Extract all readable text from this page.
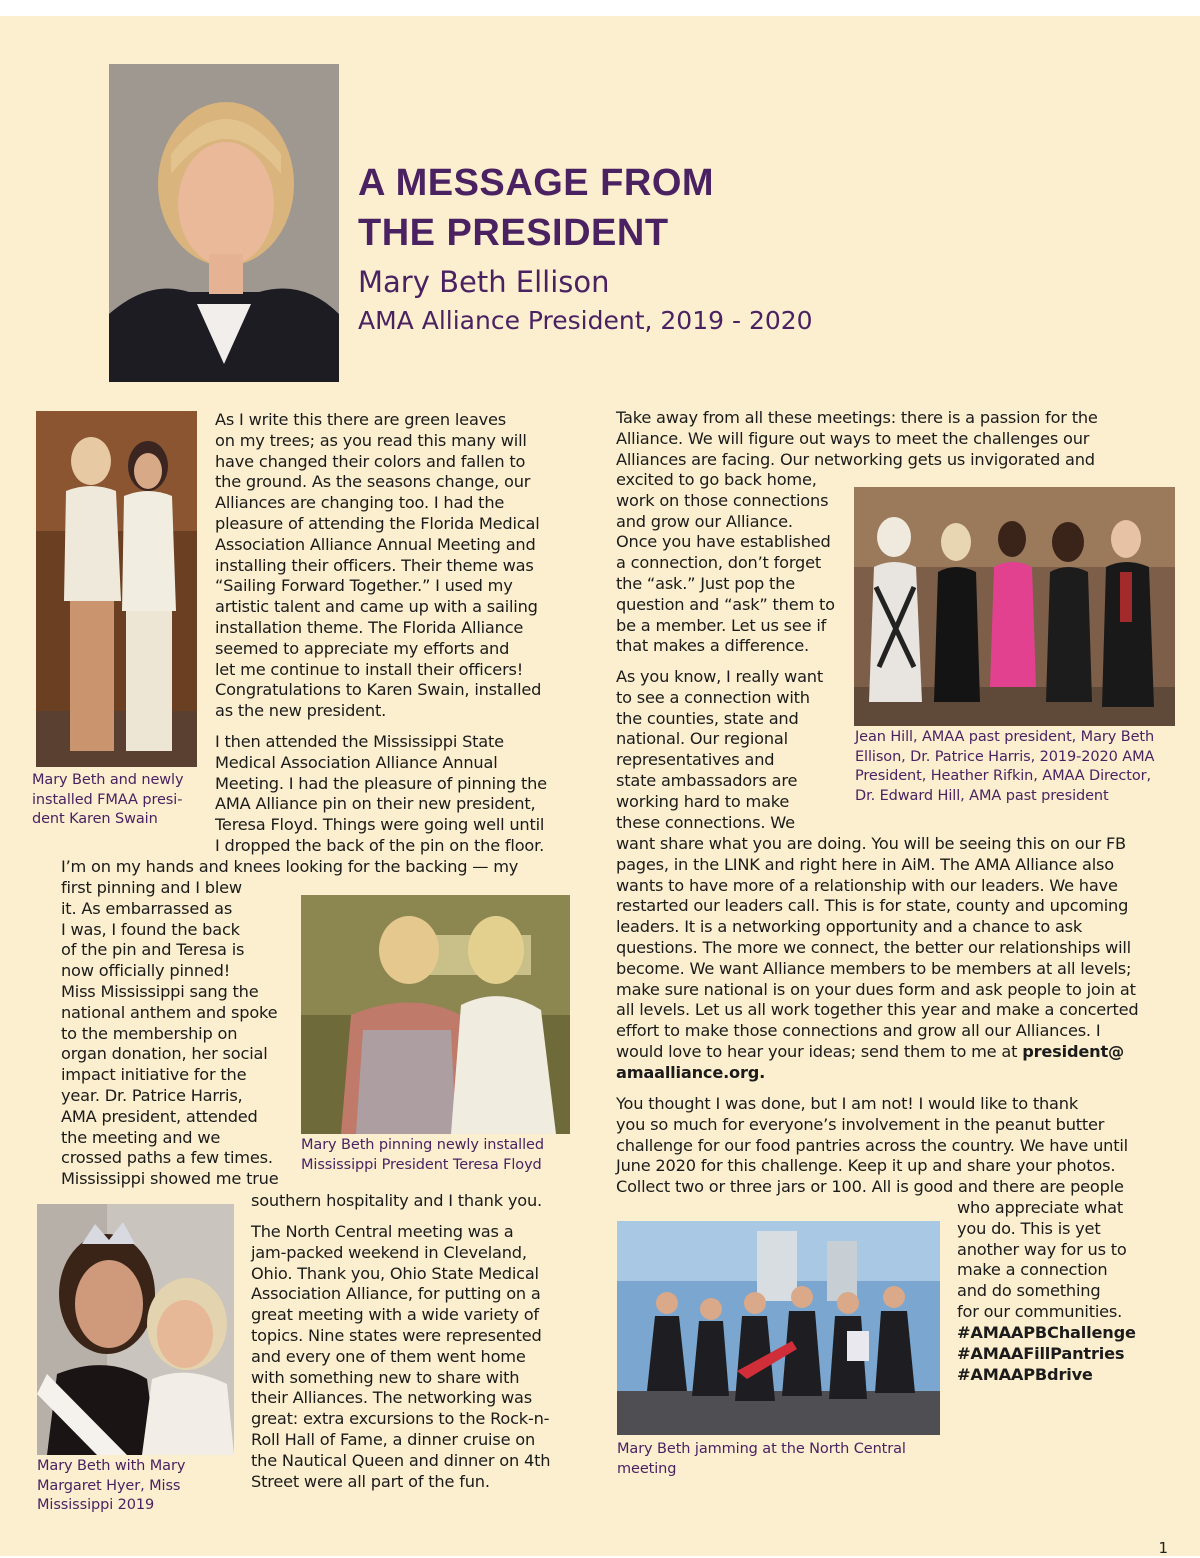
A MESSAGE FROM
THE PRESIDENT
Mary Beth Ellison
AMA Alliance President, 2019 - 2020

Mary Beth and newly
installed FMAA presi-
dent Karen Swain

Mary Beth pinning newly installed
Mississippi President Teresa Floyd

Mary Beth with Mary
Margaret Hyer, Miss
Mississippi 2019

Jean Hill, AMAA past president, Mary Beth
Ellison, Dr. Patrice Harris, 2019-2020 AMA
President, Heather Rifkin, AMAA Director,
Dr. Edward Hill, AMA past president

Mary Beth jamming at the North Central
meeting

As I write this there are green leaves
on my trees; as you read this many will
have changed their colors and fallen to
the ground. As the seasons change, our
Alliances are changing too. I had the
pleasure of attending the Florida Medical
Association Alliance Annual Meeting and
installing their officers. Their theme was
“Sailing Forward Together.” I used my
artistic talent and came up with a sailing
installation theme. The Florida Alliance
seemed to appreciate my efforts and
let me continue to install their officers!
Congratulations to Karen Swain, installed
as the new president.

I then attended the Mississippi State
Medical Association Alliance Annual
Meeting. I had the pleasure of pinning the
AMA Alliance pin on their new president,
Teresa Floyd. Things were going well until
I dropped the back of the pin on the floor.

I’m on my hands and knees looking for the backing — my

first pinning and I blew
it. As embarrassed as
I was, I found the back
of the pin and Teresa is
now officially pinned!
Miss Mississippi sang the
national anthem and spoke
to the membership on
organ donation, her social
impact initiative for the
year. Dr. Patrice Harris,
AMA president, attended
the meeting and we
crossed paths a few times.
Mississippi showed me true

southern hospitality and I thank you.

The North Central meeting was a
jam-packed weekend in Cleveland,
Ohio. Thank you, Ohio State Medical
Association Alliance, for putting on a
great meeting with a wide variety of
topics. Nine states were represented
and every one of them went home
with something new to share with
their Alliances. The networking was
great: extra excursions to the Rock-n-
Roll Hall of Fame, a dinner cruise on
the Nautical Queen and dinner on 4th
Street were all part of the fun.

Take away from all these meetings: there is a passion for the
Alliance. We will figure out ways to meet the challenges our
Alliances are facing. Our networking gets us invigorated and

excited to go back home,
work on those connections
and grow our Alliance.
Once you have established
a connection, don’t forget
the “ask.” Just pop the
question and “ask” them to
be a member. Let us see if
that makes a difference.

As you know, I really want
to see a connection with
the counties, state and
national. Our regional
representatives and
state ambassadors are
working hard to make
these connections. We

want share what you are doing. You will be seeing this on our FB
pages, in the LINK and right here in AiM. The AMA Alliance also
wants to have more of a relationship with our leaders. We have
restarted our leaders call. This is for state, county and upcoming
leaders. It is a networking opportunity and a chance to ask
questions. The more we connect, the better our relationships will
become. We want Alliance members to be members at all levels;
make sure national is on your dues form and ask people to join at
all levels. Let us all work together this year and make a concerted
effort to make those connections and grow all our Alliances. I
would love to hear your ideas; send them to me at president@
amaalliance.org.

You thought I was done, but I am not! I would like to thank
you so much for everyone’s involvement in the peanut butter
challenge for our food pantries across the country. We have until
June 2020 for this challenge. Keep it up and share your photos.
Collect two or three jars or 100. All is good and there are people

who appreciate what
you do. This is yet
another way for us to
make a connection
and do something
for our communities.

#AMAAPBChallenge
#AMAAFillPantries
#AMAAPBdrive

1
